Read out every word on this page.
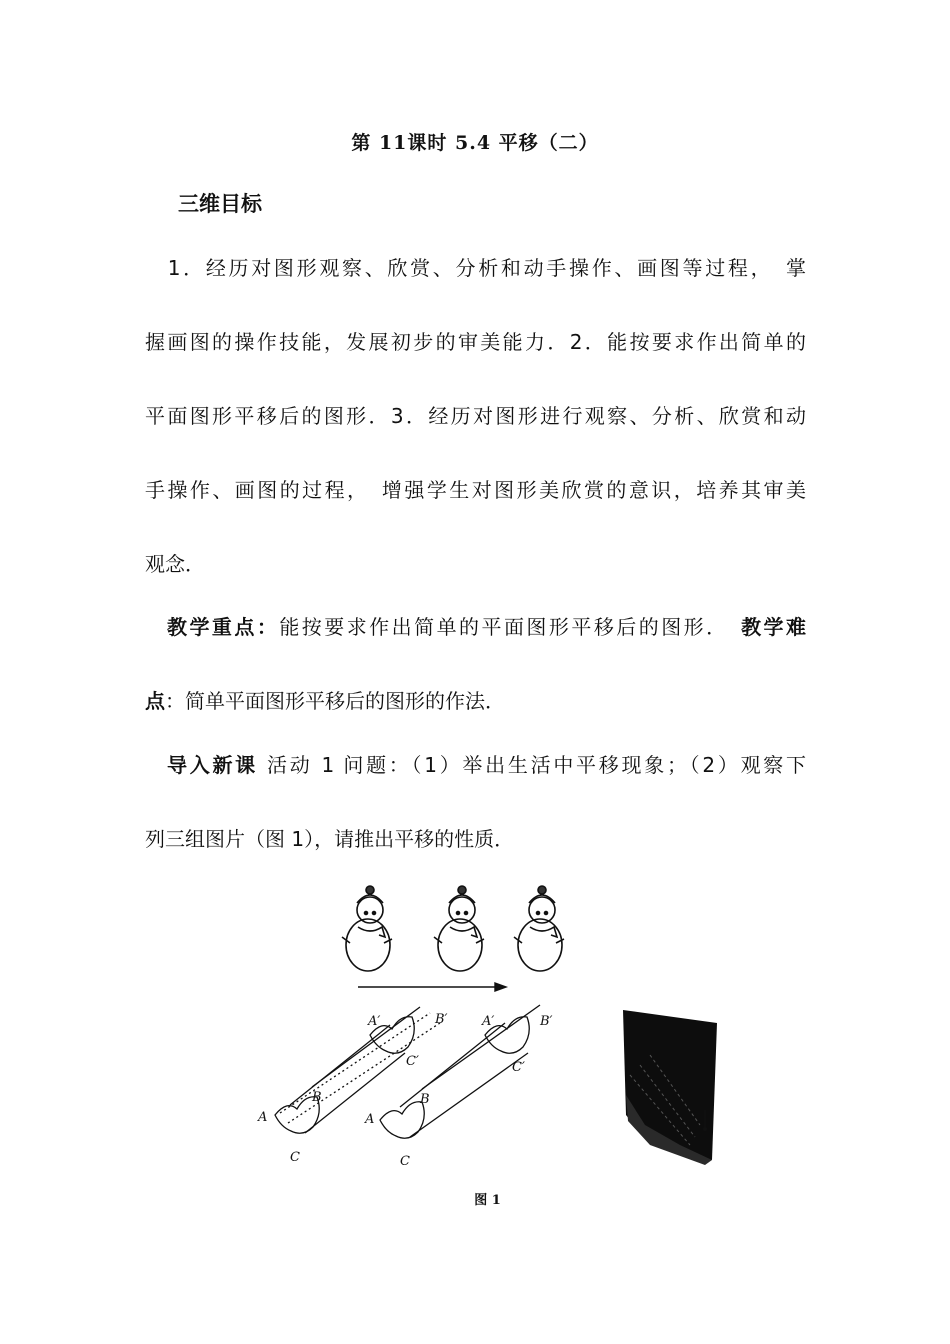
第 11课时 5.4 平移（二）
三维目标
　1．经历对图形观察、欣赏、分析和动手操作、画图等过程，　掌
握画图的操作技能，发展初步的审美能力．2．能按要求作出简单的
平面图形平移后的图形．3．经历对图形进行观察、分析、欣赏和动
手操作、画图的过程，　增强学生对图形美欣赏的意识，培养其审美
观念．
教学重点：能按要求作出简单的平面图形平移后的图形．　 教学难
点：简单平面图形平移后的图形的作法．
导入新课 活动 1 问题：（1）举出生活中平移现象；（2）观察下
列三组图片（图 1），请推出平移的性质．
A′	B′
C′
A
B
C
A′	B′
C′
A
B
C
图 1
